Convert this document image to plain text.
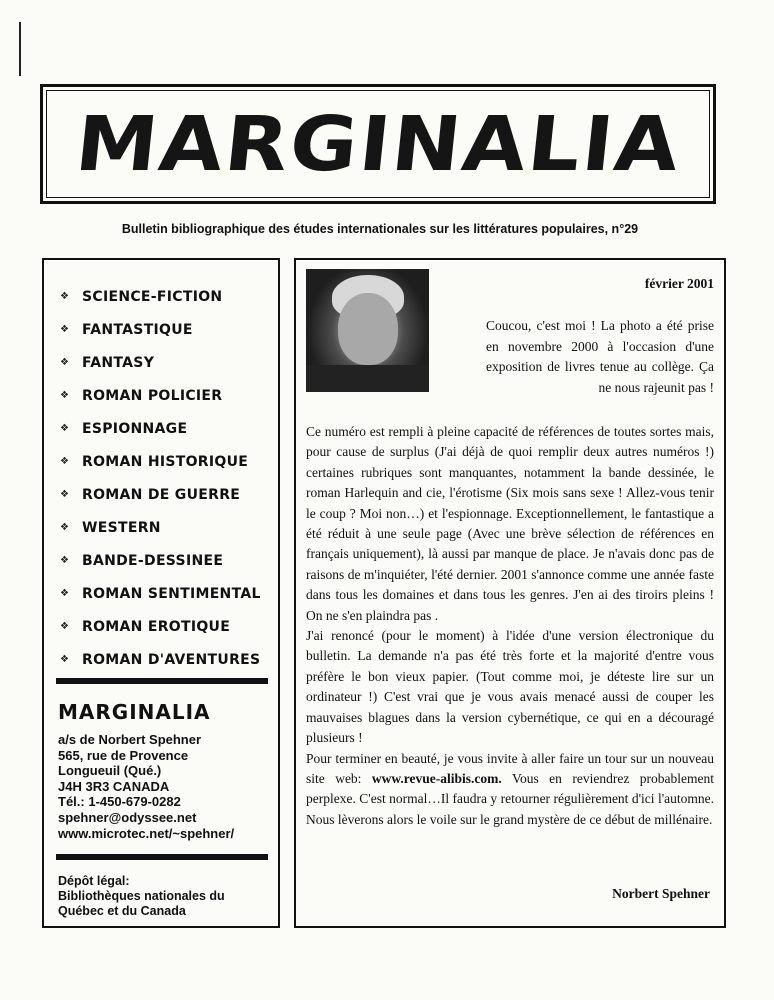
MARGINALIA
Bulletin bibliographique des études internationales sur les littératures populaires, n°29
❖ SCIENCE-FICTION
❖ FANTASTIQUE
❖ FANTASY
❖ ROMAN POLICIER
❖ ESPIONNAGE
❖ ROMAN HISTORIQUE
❖ ROMAN DE GUERRE
❖ WESTERN
❖ BANDE-DESSINEE
❖ ROMAN SENTIMENTAL
❖ ROMAN EROTIQUE
❖ ROMAN D'AVENTURES
MARGINALIA
a/s de Norbert Spehner
565, rue de Provence
Longueuil (Qué.)
J4H 3R3 CANADA
Tél.: 1-450-679-0282
spehner@odyssee.net
www.microtec.net/~spehner/
Dépôt légal:
Bibliothèques nationales du
Québec et du Canada
février 2001
Coucou, c'est moi ! La photo a été prise en novembre 2000 à l'occasion d'une exposition de livres tenue au collège. Ça ne nous rajeunit pas !

Ce numéro est rempli à pleine capacité de références de toutes sortes mais, pour cause de surplus (J'ai déjà de quoi remplir deux autres numéros !) certaines rubriques sont manquantes, notamment la bande dessinée, le roman Harlequin and cie, l'érotisme (Six mois sans sexe ! Allez-vous tenir le coup ? Moi non…) et l'espionnage. Exceptionnellement, le fantastique a été réduit à une seule page (Avec une brève sélection de références en français uniquement), là aussi par manque de place. Je n'avais donc pas de raisons de m'inquiéter, l'été dernier. 2001 s'annonce comme une année faste dans tous les domaines et dans tous les genres. J'en ai des tiroirs pleins ! On ne s'en plaindra pas .

J'ai renoncé (pour le moment) à l'idée d'une version électronique du bulletin. La demande n'a pas été très forte et la majorité d'entre vous préfère le bon vieux papier. (Tout comme moi, je déteste lire sur un ordinateur !) C'est vrai que je vous avais menacé aussi de couper les mauvaises blagues dans la version cybernétique, ce qui en a découragé plusieurs !

Pour terminer en beauté, je vous invite à aller faire un tour sur un nouveau site web: www.revue-alibis.com. Vous en reviendrez probablement perplexe. C'est normal…Il faudra y retourner régulièrement d'ici l'automne. Nous lèverons alors le voile sur le grand mystère de ce début de millénaire.

Norbert Spehner
